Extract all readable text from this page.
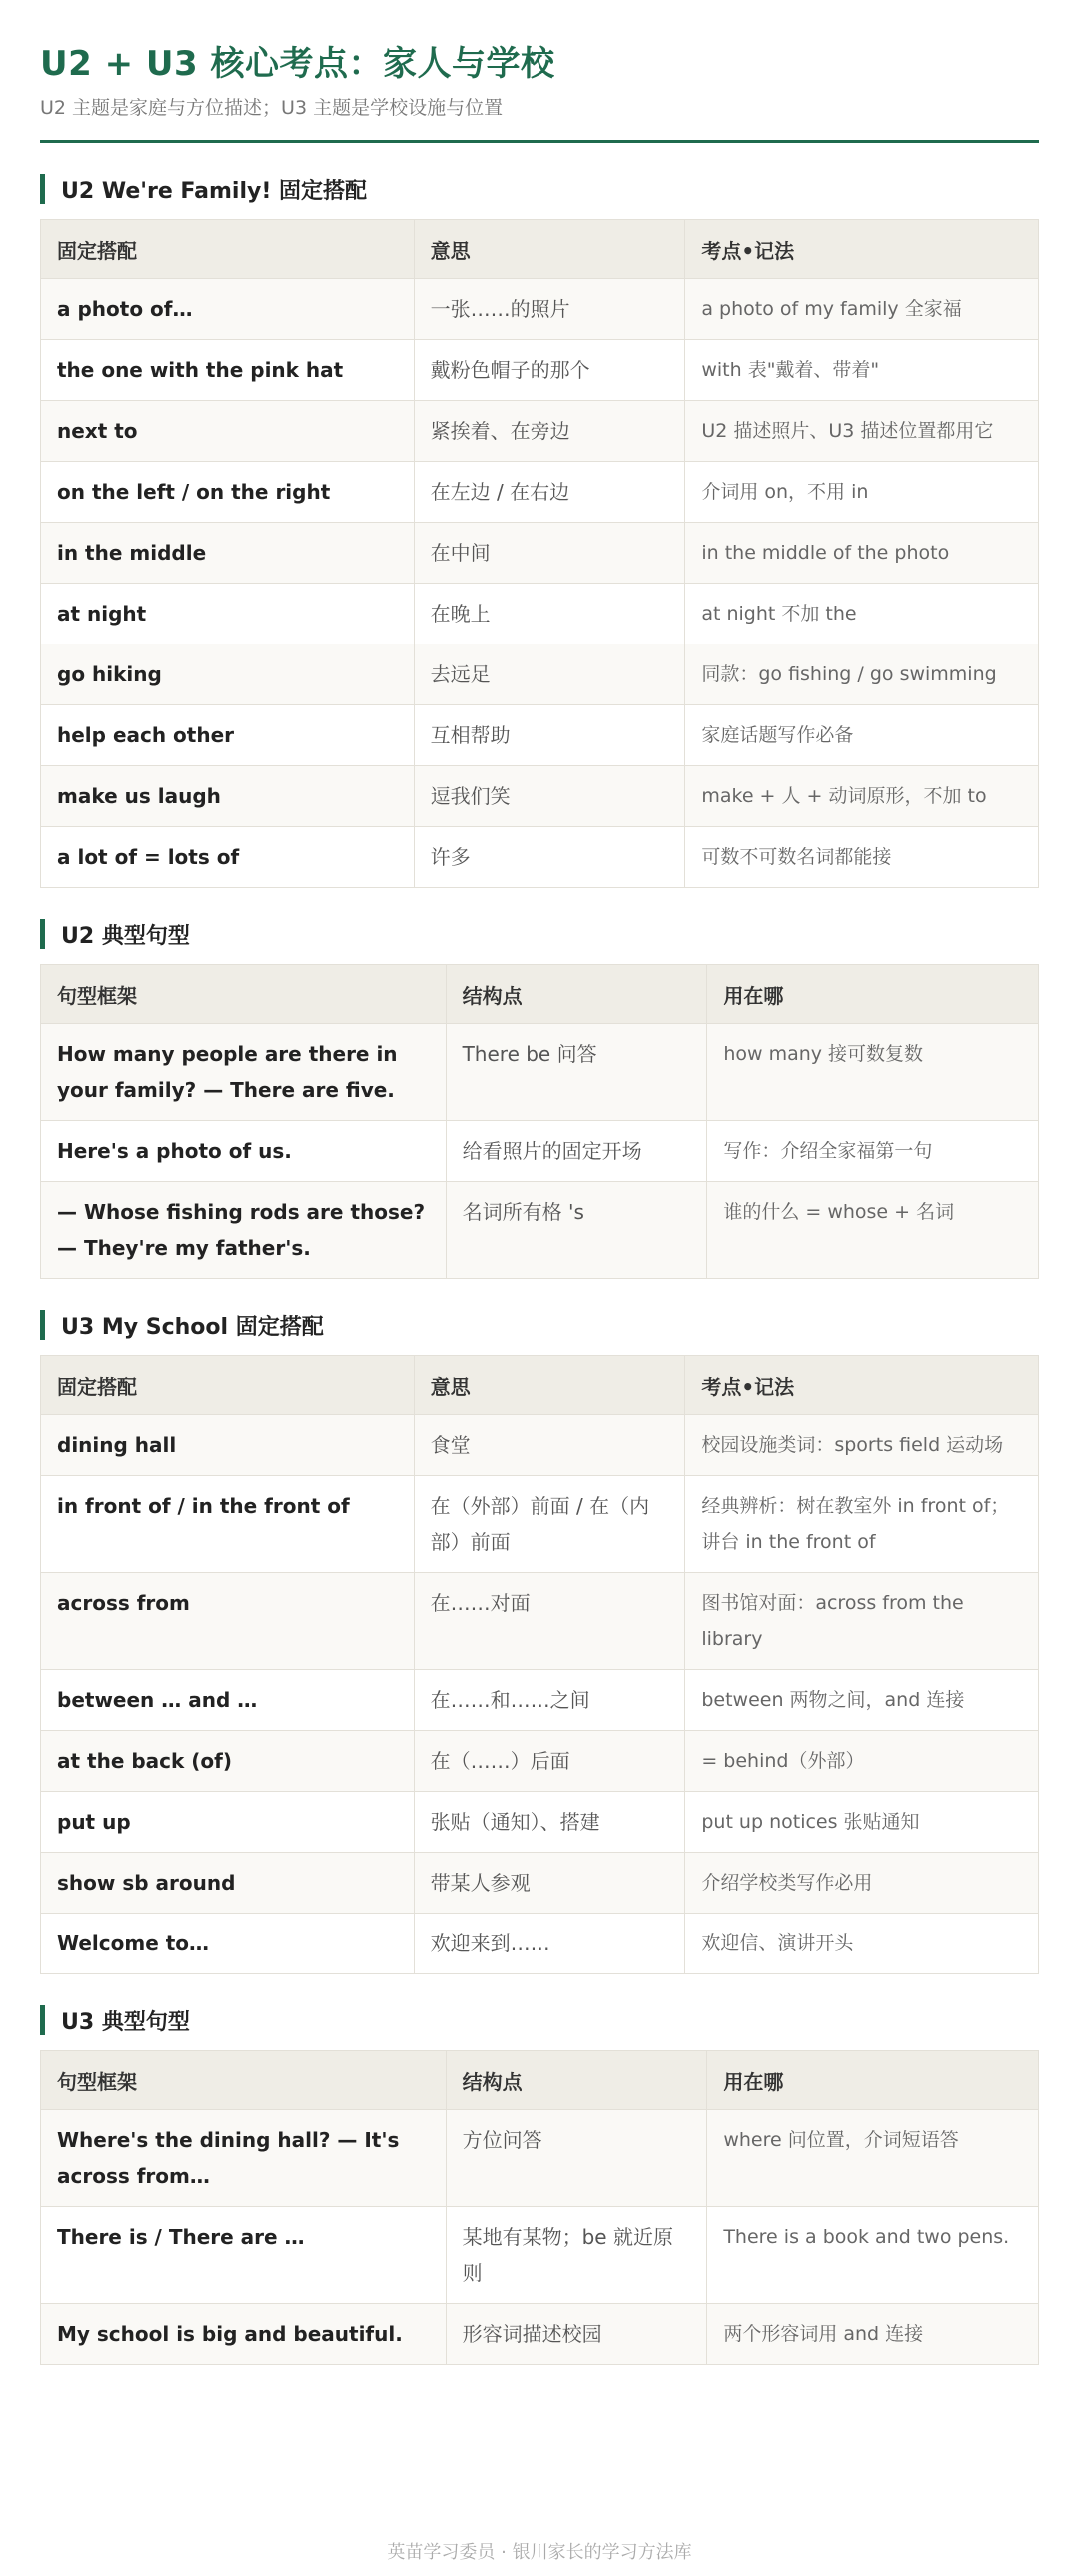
U2 + U3 核心考点：家人与学校
U2 主题是家庭与方位描述；U3 主题是学校设施与位置
U2 We're Family! 固定搭配
固定搭配	意思	考点•记法
a photo of…	一张……的照片	a photo of my family 全家福
the one with the pink hat	戴粉色帽子的那个	with 表"戴着、带着"
next to	紧挨着、在旁边	U2 描述照片、U3 描述位置都用它
on the left / on the right	在左边 / 在右边	介词用 on，不用 in
in the middle	在中间	in the middle of the photo
at night	在晚上	at night 不加 the
go hiking	去远足	同款：go fishing / go swimming
help each other	互相帮助	家庭话题写作必备
make us laugh	逗我们笑	make + 人 + 动词原形，不加 to
a lot of = lots of	许多	可数不可数名词都能接
U2 典型句型
句型框架	结构点	用在哪
How many people are there in your family? — There are five.	There be 问答	how many 接可数复数
Here's a photo of us.	给看照片的固定开场	写作：介绍全家福第一句
— Whose fishing rods are those? — They're my father's.	名词所有格 's	谁的什么 = whose + 名词
U3 My School 固定搭配
固定搭配	意思	考点•记法
dining hall	食堂	校园设施类词：sports field 运动场
in front of / in the front of	在（外部）前面 / 在（内部）前面	经典辨析：树在教室外 in front of；讲台 in the front of
across from	在……对面	图书馆对面：across from the library
between … and …	在……和……之间	between 两物之间，and 连接
at the back (of)	在（……）后面	= behind（外部）
put up	张贴（通知）、搭建	put up notices 张贴通知
show sb around	带某人参观	介绍学校类写作必用
Welcome to…	欢迎来到……	欢迎信、演讲开头
U3 典型句型
句型框架	结构点	用在哪
Where's the dining hall? — It's across from…	方位问答	where 问位置，介词短语答
There is / There are …	某地有某物；be 就近原则	There is a book and two pens.
My school is big and beautiful.	形容词描述校园	两个形容词用 and 连接
英苗学习委员 · 银川家长的学习方法库
